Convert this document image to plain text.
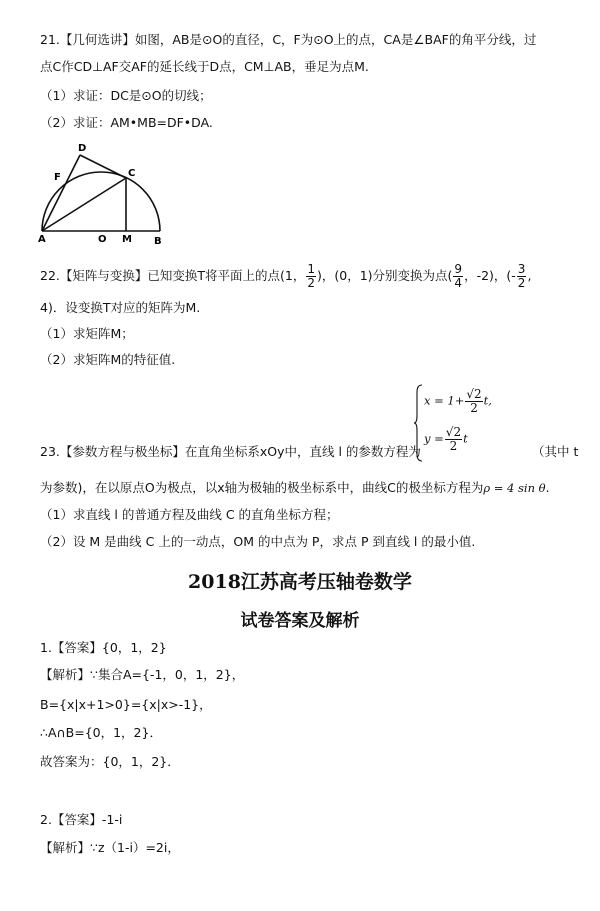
21.【几何选讲】如图，AB是⊙O的直径，C，F为⊙O上的点，CA是∠BAF的角平分线，过
点C作CD⊥AF交AF的延长线于D点，CM⊥AB，垂足为点M.
（1）求证：DC是⊙O的切线；
（2）求证：AM•MB=DF•DA.
D
F	C
A	O M B
22.【矩阵与变换】已知变换T将平面上的点(1， $\frac{1}{2}$ )，(0，1)分别变换为点( $\frac{9}{4}$ ，-2)，(- $\frac{3}{2}$ ,
4)．设变换T对应的矩阵为M.
（1）求矩阵M；
（2）求矩阵M的特征值.
$x = 1+ \frac{√2}{2} t$,
$y = \frac{√2}{2}$ t
23.【参数方程与极坐标】在直角坐标系xOy中，直线 l 的参数方程为	（其中 t
为参数)，在以原点O为极点，以x轴为极轴的极坐标系中，曲线C的极坐标方程为ρ = 4 sin θ.
（1）求直线 l 的普通方程及曲线 C 的直角坐标方程；
（2）设 M 是曲线 C 上的一动点，OM 的中点为 P，求点 P 到直线 l 的最小值.
2018江苏高考压轴卷数学
试卷答案及解析
1.【答案】{0，1，2}
【解析】∵集合A={-1，0，1，2}，
B={x|x+1>0}={x|x>-1}，
∴A∩B={0，1，2}．
故答案为：{0，1，2}．
2.【答案】-1-i
【解析】∵z（1-i）=2i，
